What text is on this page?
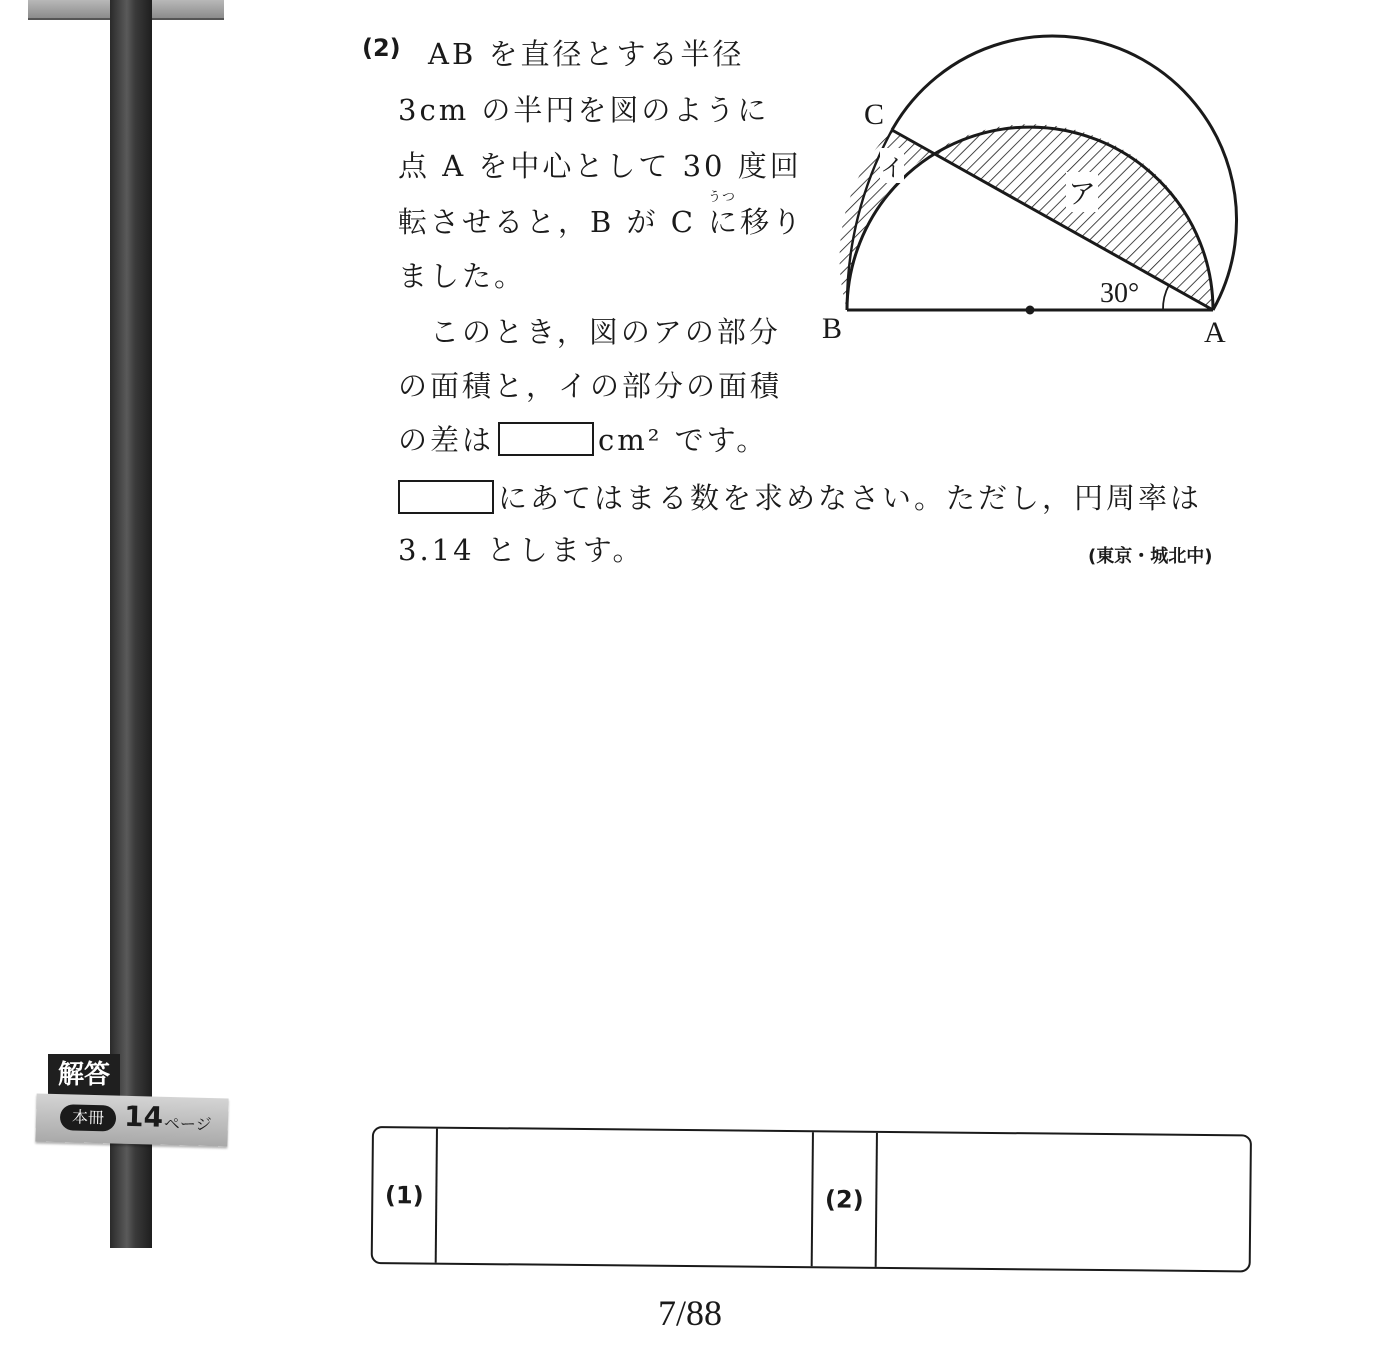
解答
本冊 14 ページ
(2) AB を直径とする半径
3cm の半円を図のように
点 A を中心として 30 度回
うつ
転させると，B が C に移り
ました。
このとき，図のアの部分
の面積と，イの部分の面積
の差は	cm² です。
にあてはまる数を求めなさい。ただし，円周率は
3.14 とします。	(東京・城北中)
C
B	A
ア
イ
30°
(1)	(2)
7/88
